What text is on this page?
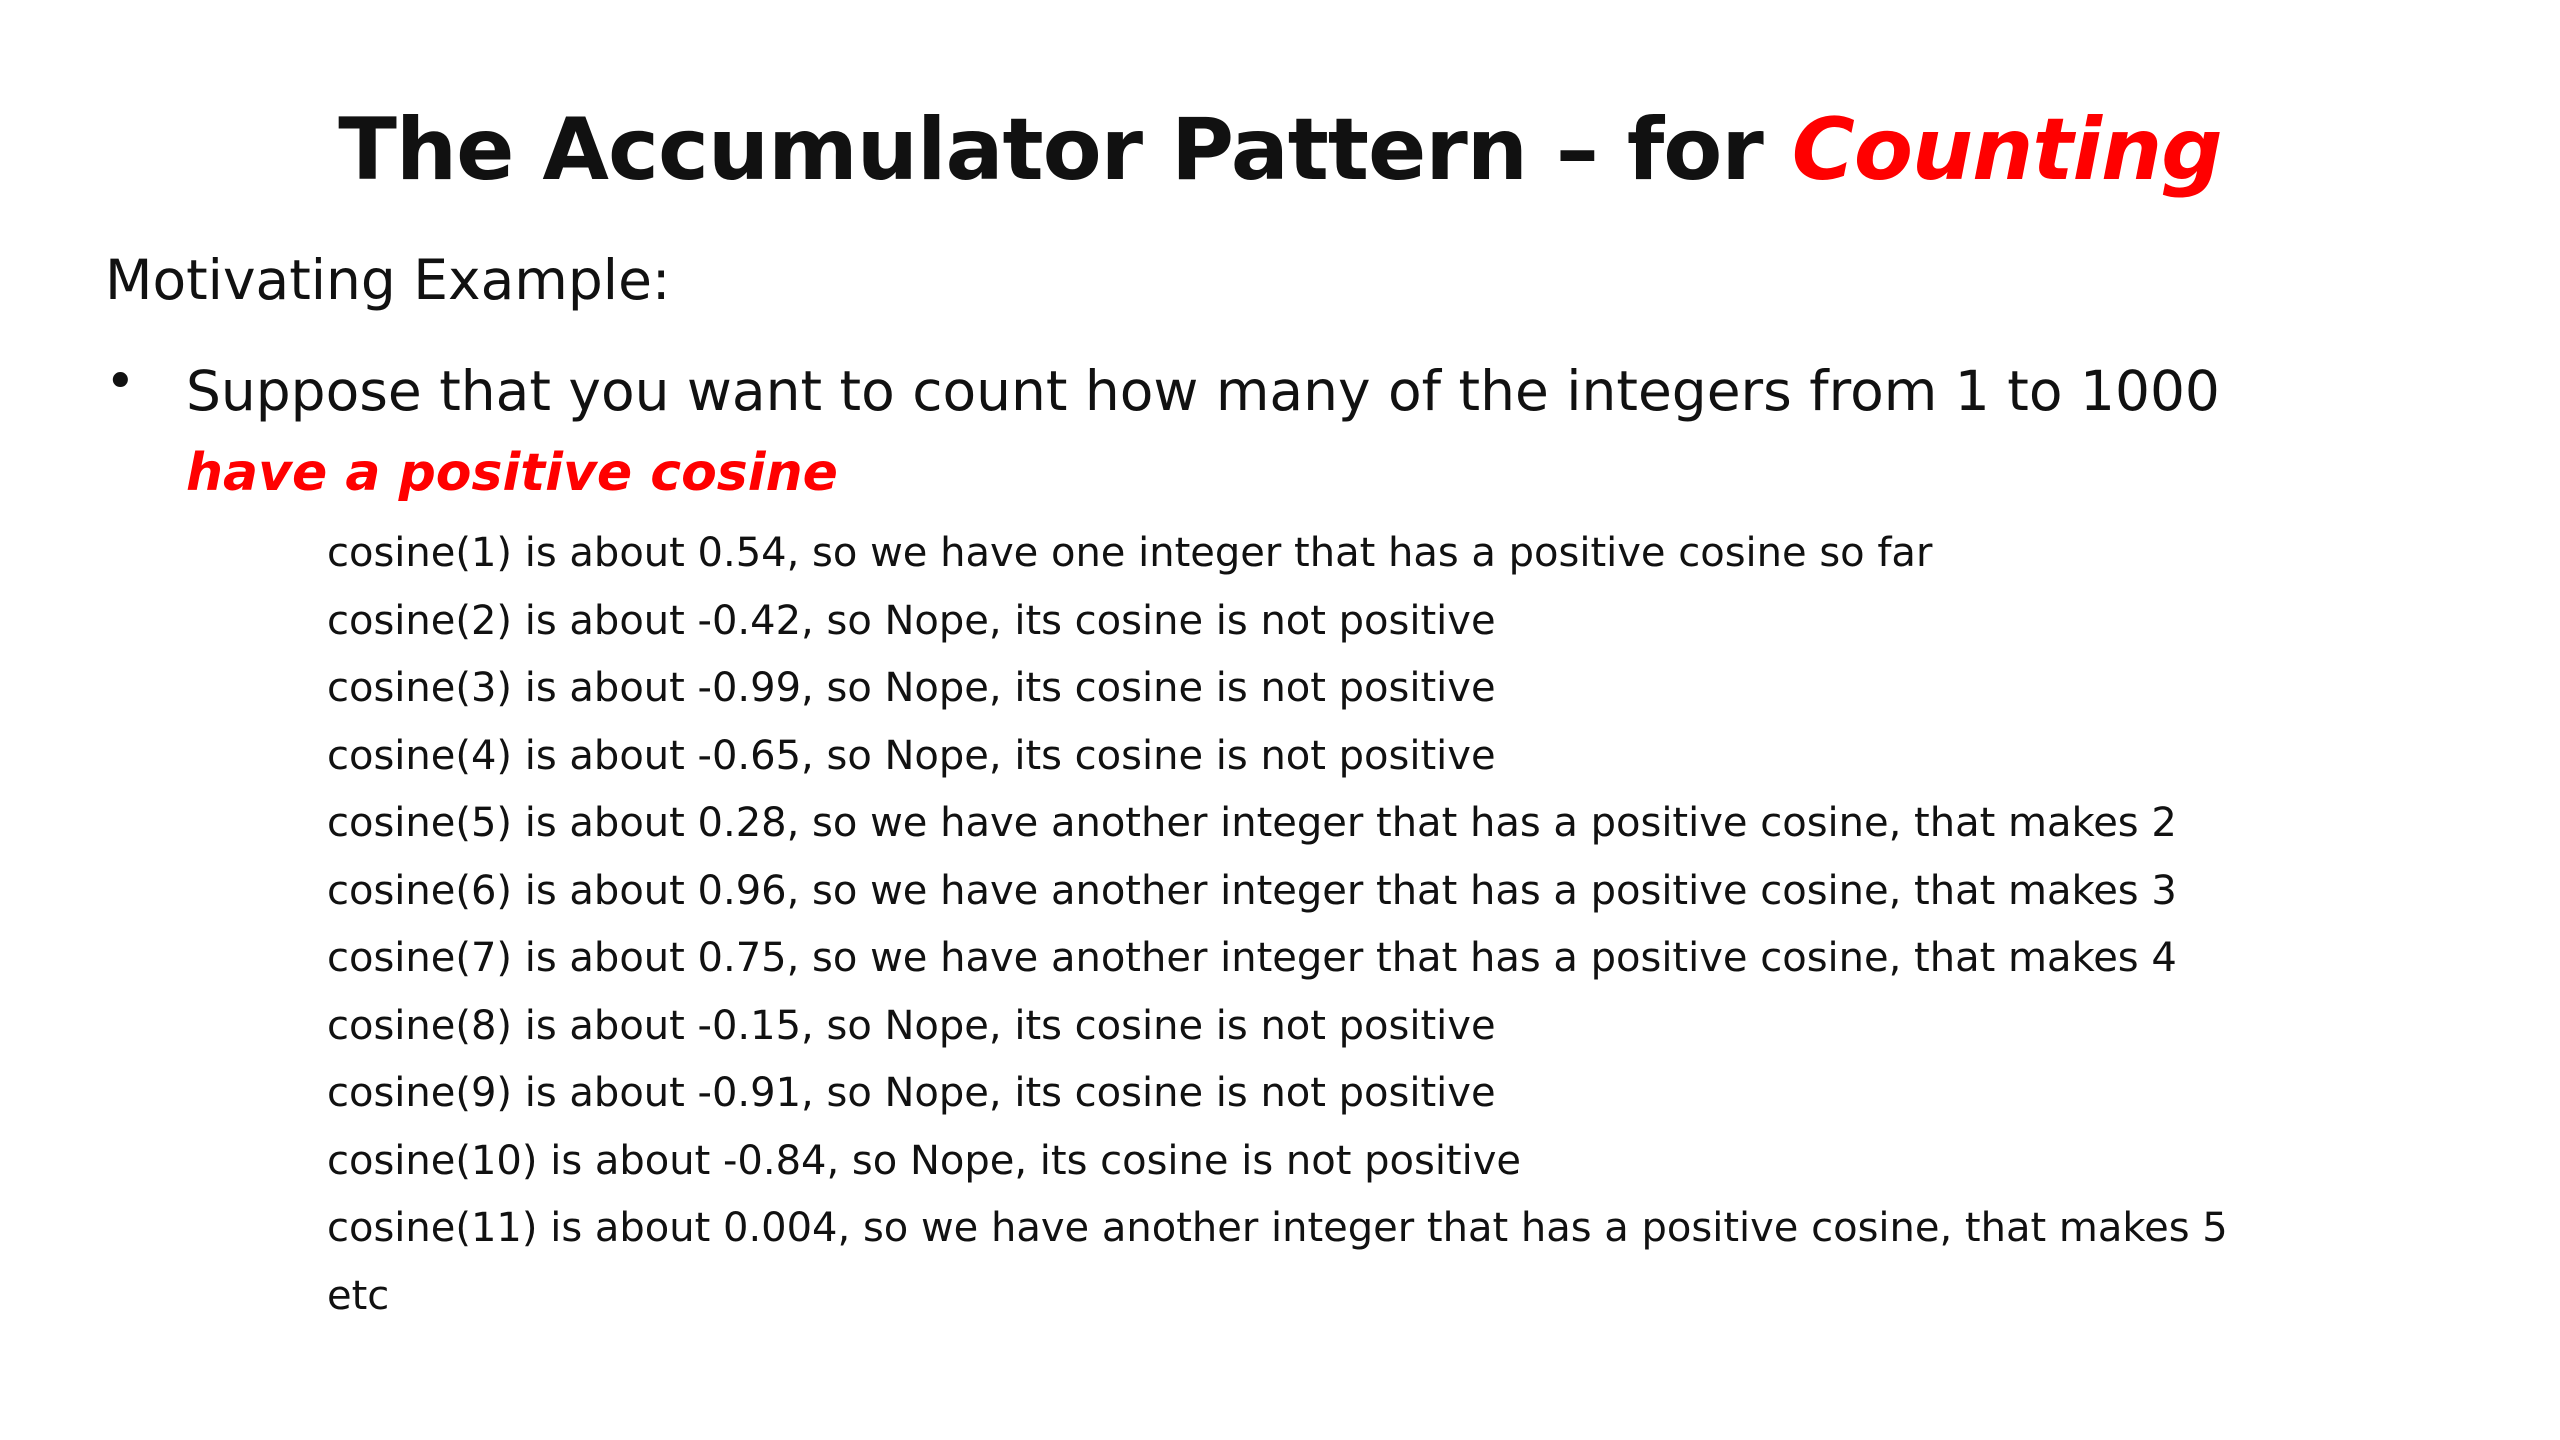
The Accumulator Pattern – for Counting
Motivating Example:
• Suppose that you want to count how many of the integers from 1 to 1000
have a positive cosine
cosine(1) is about 0.54, so we have one integer that has a positive cosine so far
cosine(2) is about -0.42, so Nope, its cosine is not positive
cosine(3) is about -0.99, so Nope, its cosine is not positive
cosine(4) is about -0.65, so Nope, its cosine is not positive
cosine(5) is about 0.28, so we have another integer that has a positive cosine, that makes 2
cosine(6) is about 0.96, so we have another integer that has a positive cosine, that makes 3
cosine(7) is about 0.75, so we have another integer that has a positive cosine, that makes 4
cosine(8) is about -0.15, so Nope, its cosine is not positive
cosine(9) is about -0.91, so Nope, its cosine is not positive
cosine(10) is about -0.84, so Nope, its cosine is not positive
cosine(11) is about 0.004, so we have another integer that has a positive cosine, that makes 5
etc
